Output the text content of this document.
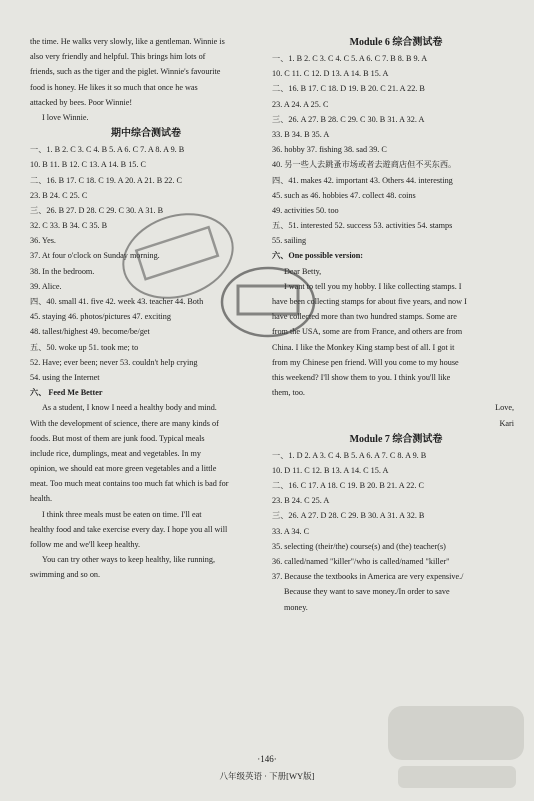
the time. He walks very slowly, like a gentleman. Winnie is
also very friendly and helpful. This brings him lots of
friends, such as the tiger and the piglet. Winnie's favourite
food is honey. He likes it so much that once he was
attacked by bees. Poor Winnie!
I love Winnie.
期中综合测试卷
一、1. B 2. C 3. C 4. B 5. A 6. C 7. A 8. A 9. B
10. B 11. B 12. C 13. A 14. B 15. C
二、16. B 17. C 18. C 19. A 20. A 21. B 22. C
23. B 24. C 25. C
三、26. B 27. D 28. C 29. C 30. A 31. B
32. C 33. B 34. C 35. B
36. Yes.
37. At four o'clock on Sunday morning.
38. In the bedroom.
39. Alice.
四、40. small 41. five 42. week 43. teacher 44. Both
45. staying 46. photos/pictures 47. exciting
48. tallest/highest 49. become/be/get
五、50. woke up 51. took me; to
52. Have; ever been; never 53. couldn't help crying
54. using the Internet
六、 Feed Me Better
As a student, I know I need a healthy body and mind.
With the development of science, there are many kinds of
foods. But most of them are junk food. Typical meals
include rice, dumplings, meat and vegetables. In my
opinion, we should eat more green vegetables and a little
meat. Too much meat contains too much fat which is bad for
health.
I think three meals must be eaten on time. I'll eat
healthy food and take exercise every day. I hope you all will
follow me and we'll keep healthy.
You can try other ways to keep healthy, like running,
swimming and so on.
Module 6 综合测试卷
一、1. B 2. C 3. C 4. C 5. A 6. C 7. B 8. B 9. A
10. C 11. C 12. D 13. A 14. B 15. A
二、16. B 17. C 18. D 19. B 20. C 21. A 22. B
23. A 24. A 25. C
三、26. A 27. B 28. C 29. C 30. B 31. A 32. A
33. B 34. B 35. A
36. hobby 37. fishing 38. sad 39. C
40. 另一些人去跳蚤市场或者去遊商店但不买东西。
四、41. makes 42. important 43. Others 44. interesting
45. such as 46. hobbies 47. collect 48. coins
49. activities 50. too
五、51. interested 52. success 53. activities 54. stamps
55. sailing
六、One possible version:
Dear Betty,
I want to tell you my hobby. I like collecting stamps. I
have been collecting stamps for about five years, and now I
have collected more than two hundred stamps. Some are
from the USA, some are from France, and others are from
China. I like the Monkey King stamp best of all. I got it
from my Chinese pen friend. Will you come to my house
this weekend? I'll show them to you. I think you'll like
them, too.
Love,
Kari
Module 7 综合测试卷
一、1. D 2. A 3. C 4. B 5. A 6. A 7. C 8. A 9. B
10. D 11. C 12. B 13. A 14. C 15. A
二、16. C 17. A 18. C 19. B 20. B 21. A 22. C
23. B 24. C 25. A
三、26. A 27. D 28. C 29. B 30. A 31. A 32. B
33. A 34. C
35. selecting (their/the) course(s) and (the) teacher(s)
36. called/named "killer"/who is called/named "killer"
37. Because the textbooks in America are very expensive./
Because they want to save money./In order to save
money.
·146·
八年级英语 · 下册[WY版]
